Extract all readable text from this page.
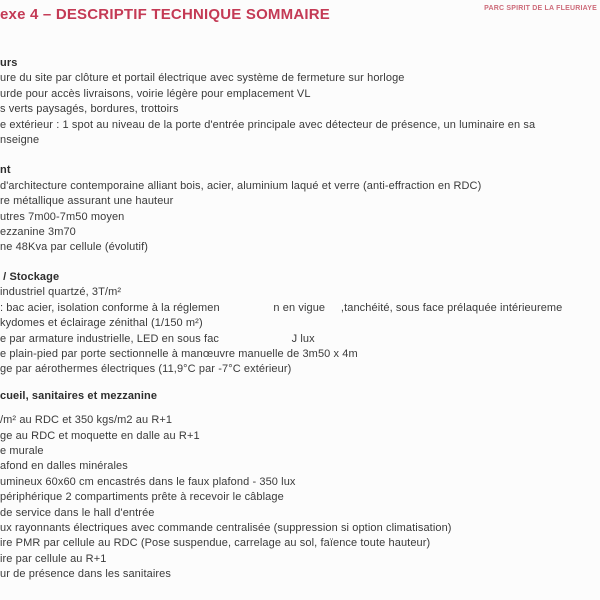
exe 4 – DESCRIPTIF TECHNIQUE SOMMAIRE	PARC SPIRIT DE LA FLEURIAYE
urs
ure du site par clôture et portail électrique avec système de fermeture sur horloge
urde pour accès livraisons, voirie légère pour emplacement VL
s verts paysagés, bordures, trottoirs
e extérieur : 1 spot au niveau de la porte d'entrée principale avec détecteur de présence, un luminaire en sa
nseigne
nt
d'architecture contemporaine alliant bois, acier, aluminium laqué et verre (anti-effraction en RDC)
re métallique assurant une hauteur
utres 7m00-7m50 moyen
ezzanine 3m70
ne 48Kva par cellule (évolutif)
/ Stockage
industriel quartzé, 3T/m²
: bac acier, isolation conforme à la réglemen                 n en vigue     ,tanchéité, sous face prélaquée intérieureme
kydomes et éclairage zénithal (1/150 m²)
e par armature industrielle, LED en sous fac                       J lux
e plain-pied par porte sectionnelle à manœuvre manuelle de 3m50 x 4m
ge par aérothermes électriques (11,9°C par -7°C extérieur)
cueil, sanitaires et mezzanine
/m² au RDC et 350 kgs/m2 au R+1
ge au RDC et moquette en dalle au R+1
e murale
afond en dalles minérales
umineux 60x60 cm encastrés dans le faux plafond - 350 lux
périphérique 2 compartiments prête à recevoir le câblage
de service dans le hall d'entrée
ux rayonnants électriques avec commande centralisée (suppression si option climatisation)
ire PMR par cellule au RDC (Pose suspendue, carrelage au sol, faïence toute hauteur)
ire par cellule au R+1
ur de présence dans les sanitaires
